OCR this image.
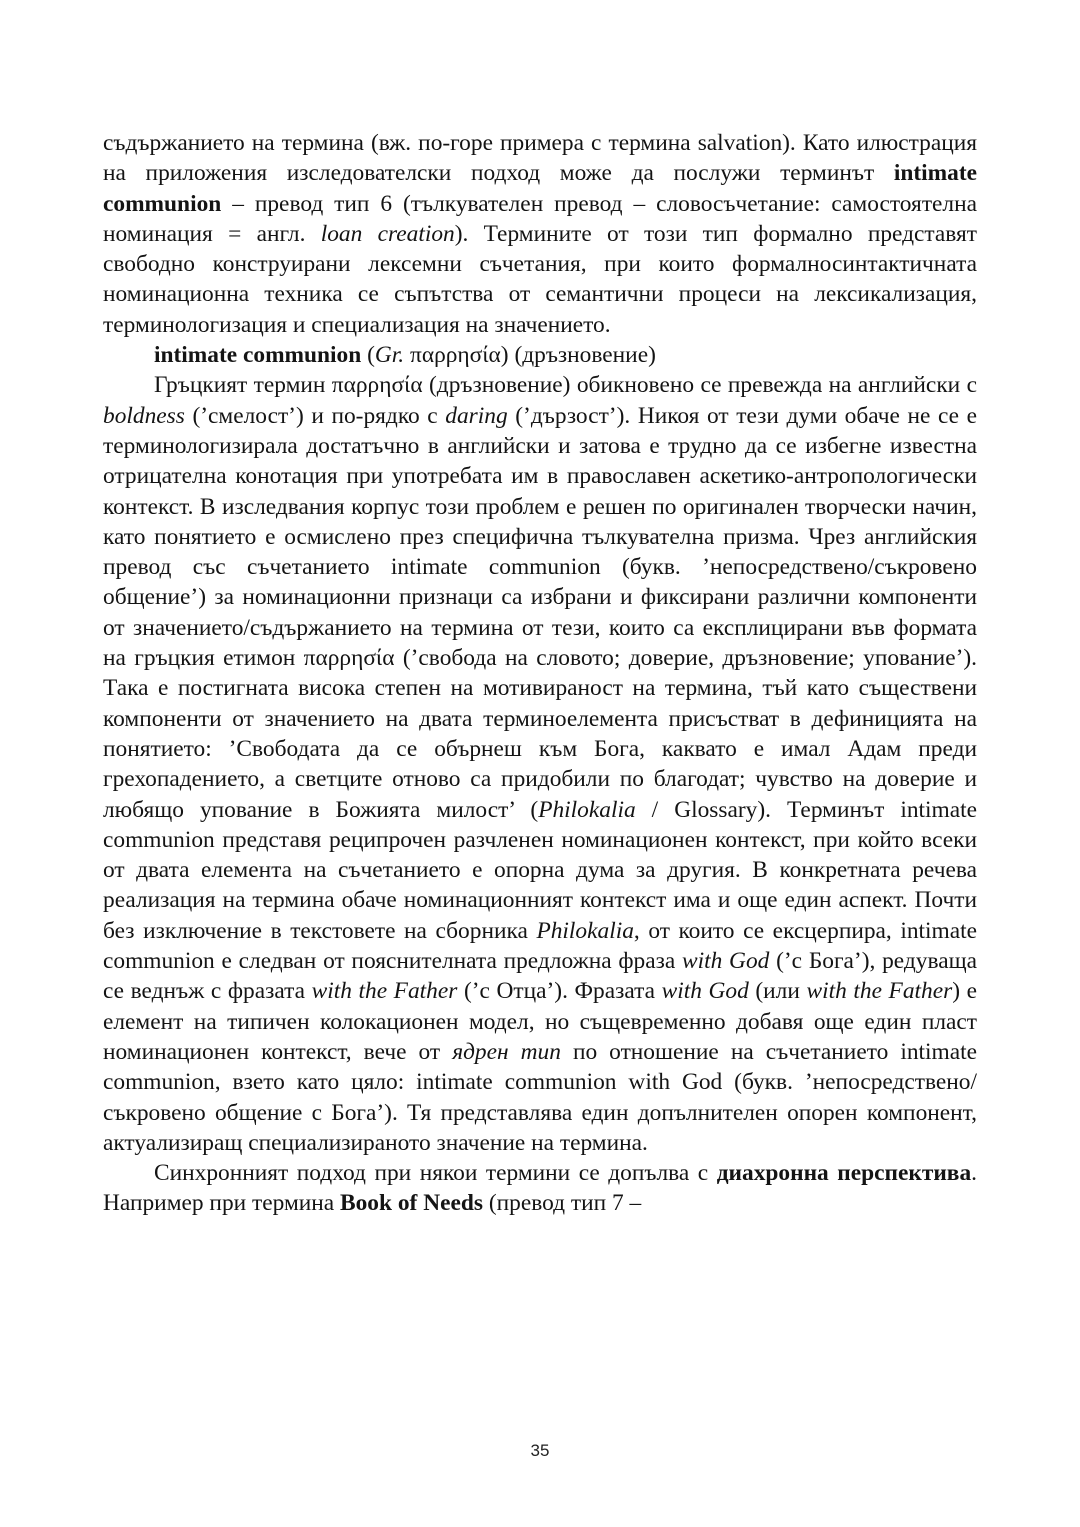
съдържанието на термина (вж. по-горе примера с термина salvation). Като илюстрация на приложения изследователски подход може да послужи терминът intimate communion – превод тип 6 (тълкувателен превод – словосъчетание: самостоятелна номинация = англ. loan creation). Термините от този тип формално представят свободно конструирани лексемни съчетания, при които формалносинтактичната номинационна техника се съпътства от семантични процеси на лексикализация, терминологизация и специализация на значението.

intimate communion (Gr. παρρησία) (дръзновение)

Гръцкият термин παρρησία (дръзновение) обикновено се превежда на английски с boldness (’смелост’) и по-рядко с daring (’дързост’). Никоя от тези думи обаче не се е терминологизирала достатъчно в английски и затова е трудно да се избегне известна отрицателна конотация при употребата им в православен аскетико-антропологически контекст. В изследвания корпус този проблем е решен по оригинален творчески начин, като понятието е осмислено през специфична тълкувателна призма. Чрез английския превод със съчетанието intimate communion (букв. ’непосредствено/съкровено общение’) за номинационни признаци са избрани и фиксирани различни компоненти от значението/съдържанието на термина от тези, които са експлицирани във формата на гръцкия етимон παρρησία (’свобода на словото; доверие, дръзновение; упование’). Така е постигната висока степен на мотивираност на термина, тъй като съществени компоненти от значението на двата терминоелемента присъстват в дефиницията на понятието: ’Свободата да се обърнеш към Бога, каквато е имал Адам преди грехопадението, а светците отново са придобили по благодат; чувство на доверие и любящо упование в Божията милост’ (Philokalia / Glossary). Терминът intimate communion представя реципрочен разчленен номинационен контекст, при който всеки от двата елемента на съчетанието е опорна дума за другия. В конкретната речева реализация на термина обаче номинационният контекст има и още един аспект. Почти без изключение в текстовете на сборника Philokalia, от които се ексцерпира, intimate communion е следван от пояснителната предложна фраза with God (’с Бога’), редуваща се веднъж с фразата with the Father (’с Отца’). Фразата with God (или with the Father) е елемент на типичен колокационен модел, но същевременно добавя още един пласт номинационен контекст, вече от ядрен тип по отношение на съчетанието intimate communion, взето като цяло: intimate communion with God (букв. ’непосредствено/съкровено общение с Бога’). Тя представлява един допълнителен опорен компонент, актуализиращ специализираното значение на термина.

Синхронният подход при някои термини се допълва с диахронна перспектива. Например при термина Book of Needs (превод тип 7 –

35
